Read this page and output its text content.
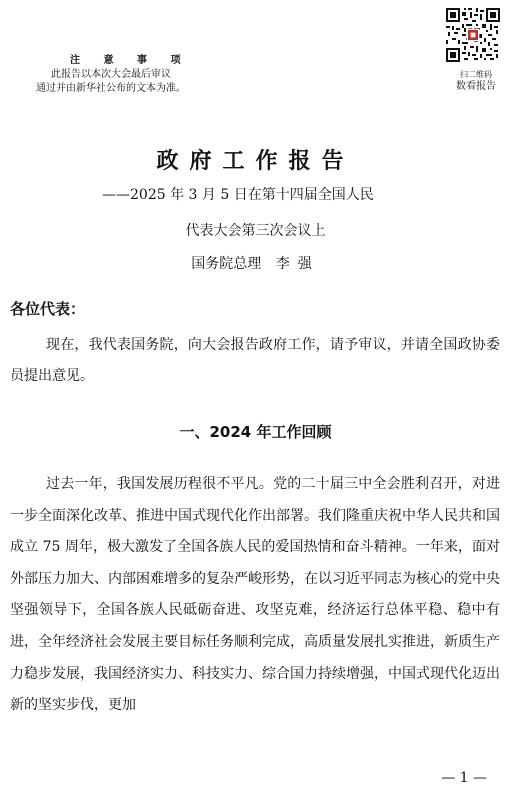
注 意 事 项
此报告以本次大会最后审议
通过并由新华社公布的文本为准。
扫二维码
数看报告
政府工作报告
——2025 年 3 月 5 日在第十四届全国人民
代表大会第三次会议上
国务院总理 李强
各位代表：
现在，我代表国务院，向大会报告政府工作，请予审议，并请全国政协委员提出意见。
一、2024 年工作回顾
过去一年，我国发展历程很不平凡。党的二十届三中全会胜利召开，对进一步全面深化改革、推进中国式现代化作出部署。我们隆重庆祝中华人民共和国成立 75 周年，极大激发了全国各族人民的爱国热情和奋斗精神。一年来，面对外部压力加大、内部困难增多的复杂严峻形势，在以习近平同志为核心的党中央坚强领导下，全国各族人民砥砺奋进、攻坚克难，经济运行总体平稳、稳中有进，全年经济社会发展主要目标任务顺利完成，高质量发展扎实推进，新质生产力稳步发展，我国经济实力、科技实力、综合国力持续增强，中国式现代化迈出新的坚实步伐，更加
— 1 —
